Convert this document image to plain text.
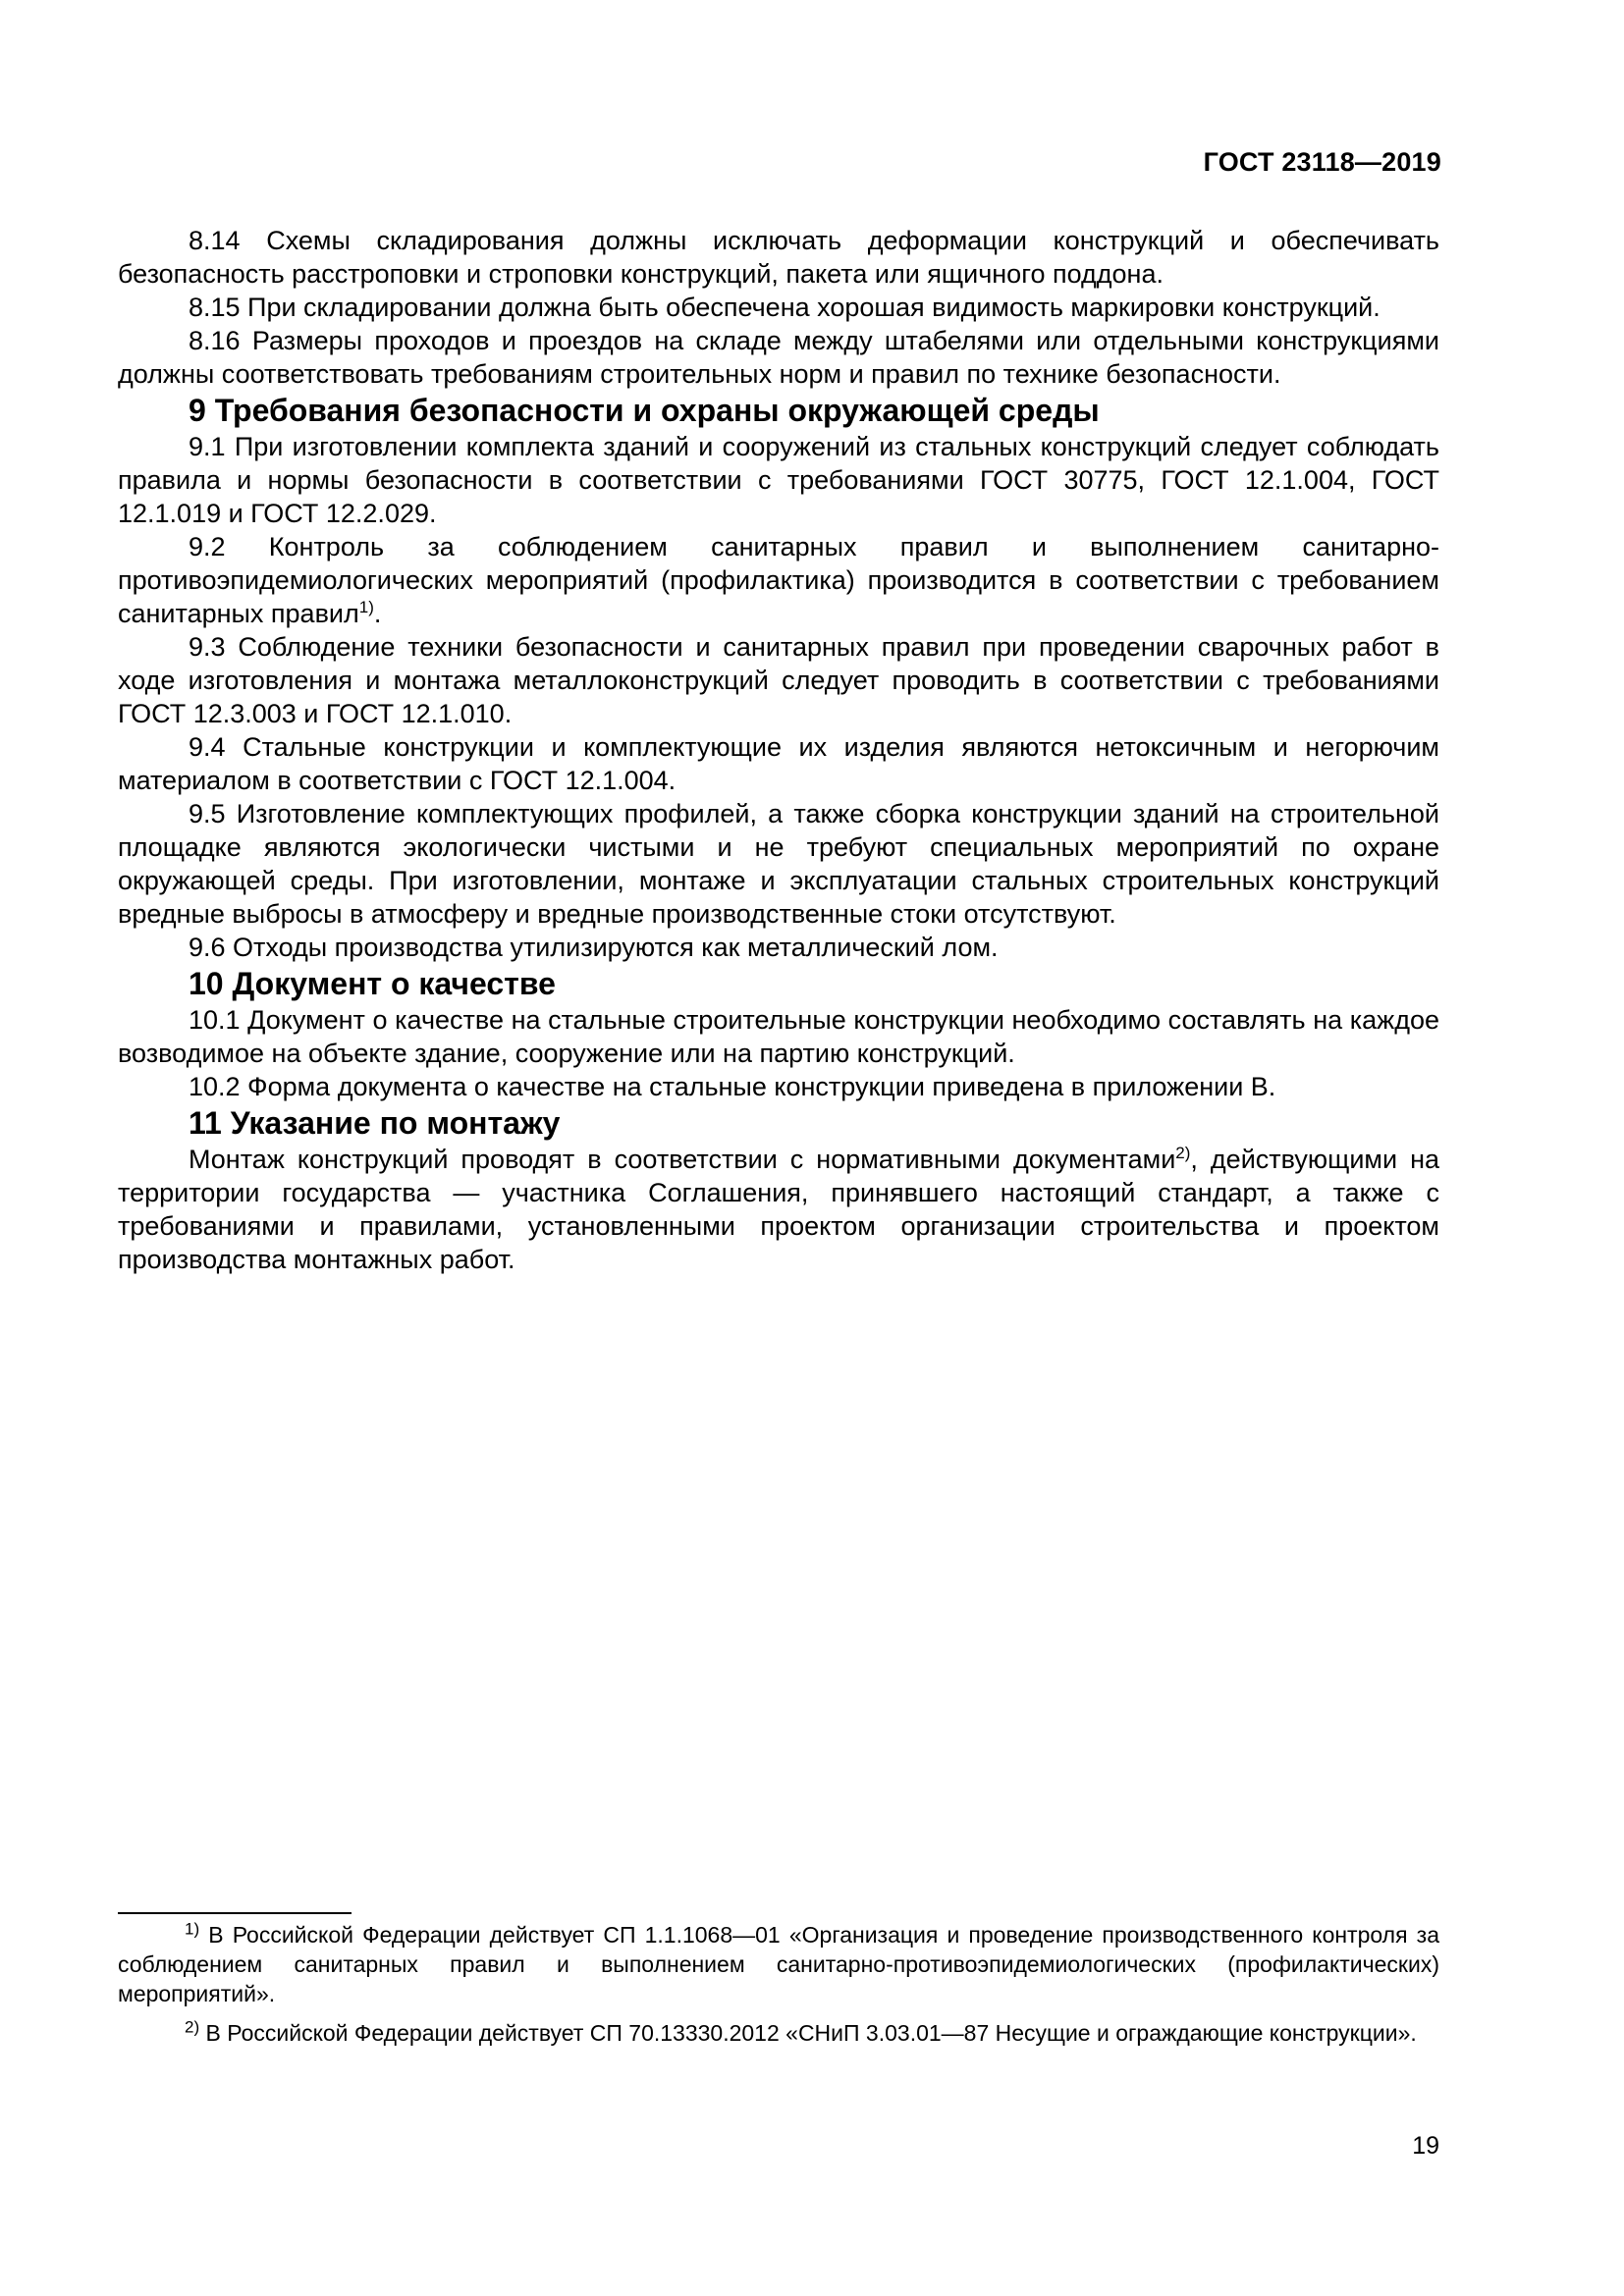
ГОСТ 23118—2019

8.14 Схемы складирования должны исключать деформации конструкций и обеспечивать безопасность расстроповки и строповки конструкций, пакета или ящичного поддона.

8.15 При складировании должна быть обеспечена хорошая видимость маркировки конструкций.

8.16 Размеры проходов и проездов на складе между штабелями или отдельными конструкциями должны соответствовать требованиям строительных норм и правил по технике безопасности.

9 Требования безопасности и охраны окружающей среды

9.1 При изготовлении комплекта зданий и сооружений из стальных конструкций следует соблюдать правила и нормы безопасности в соответствии с требованиями ГОСТ 30775, ГОСТ 12.1.004, ГОСТ 12.1.019 и ГОСТ 12.2.029.

9.2 Контроль за соблюдением санитарных правил и выполнением санитарно-противоэпидемиологических мероприятий (профилактика) производится в соответствии с требованием санитарных правил$^{1)}$.

9.3 Соблюдение техники безопасности и санитарных правил при проведении сварочных работ в ходе изготовления и монтажа металлоконструкций следует проводить в соответствии с требованиями ГОСТ 12.3.003 и ГОСТ 12.1.010.

9.4 Стальные конструкции и комплектующие их изделия являются нетоксичным и негорючим материалом в соответствии с ГОСТ 12.1.004.

9.5 Изготовление комплектующих профилей, а также сборка конструкции зданий на строительной площадке являются экологически чистыми и не требуют специальных мероприятий по охране окружающей среды. При изготовлении, монтаже и эксплуатации стальных строительных конструкций вредные выбросы в атмосферу и вредные производственные стоки отсутствуют.

9.6 Отходы производства утилизируются как металлический лом.

10 Документ о качестве

10.1 Документ о качестве на стальные строительные конструкции необходимо составлять на каждое возводимое на объекте здание, сооружение или на партию конструкций.

10.2 Форма документа о качестве на стальные конструкции приведена в приложении В.

11 Указание по монтажу

Монтаж конструкций проводят в соответствии с нормативными документами$^{2)}$, действующими на территории государства — участника Соглашения, принявшего настоящий стандарт, а также с требованиями и правилами, установленными проектом организации строительства и проектом производства монтажных работ.

$^{1)}$ В Российской Федерации действует СП 1.1.1068—01 «Организация и проведение производственного контроля за соблюдением санитарных правил и выполнением санитарно-противоэпидемиологических (профилактических) мероприятий».

$^{2)}$ В Российской Федерации действует СП 70.13330.2012 «СНиП 3.03.01—87 Несущие и ограждающие конструкции».

19
